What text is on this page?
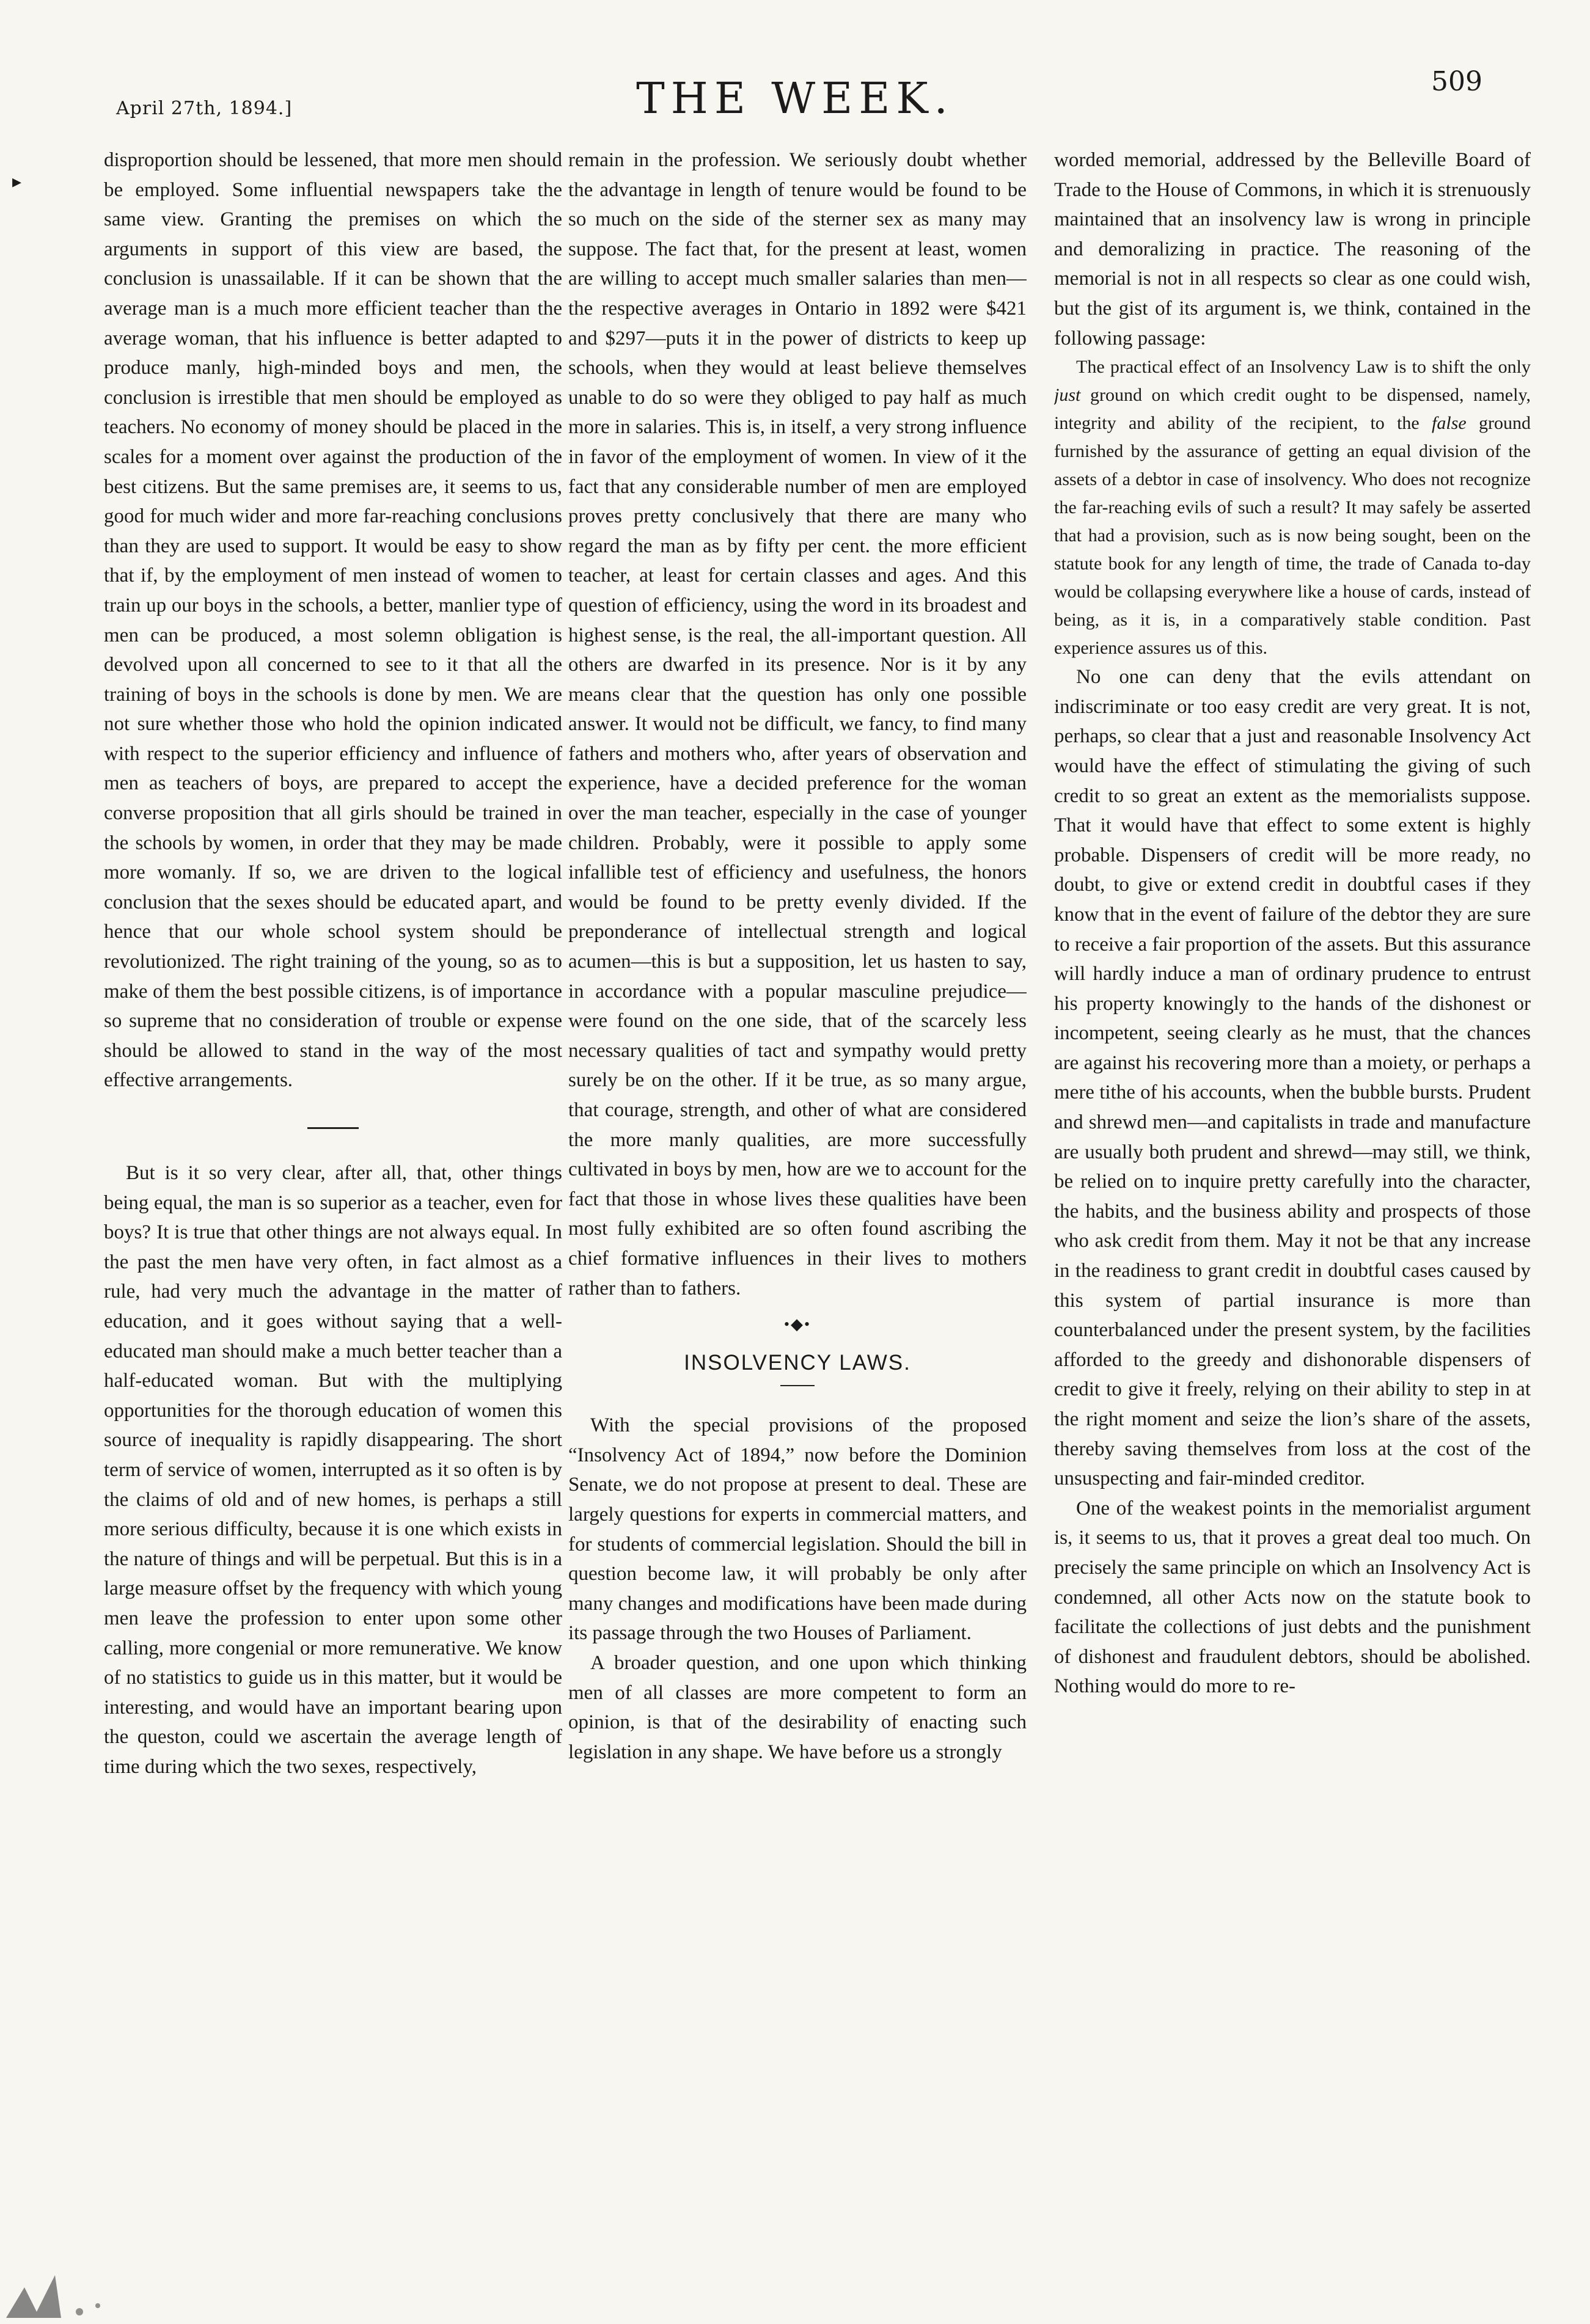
April 27th, 1894.]	THE WEEK.	509
▸

disproportion should be lessened, that more men should be employed. Some influential newspapers take the same view. Granting the premises on which the arguments in support of this view are based, the conclusion is unassailable. If it can be shown that the average man is a much more efficient teacher than the average woman, that his influence is better adapted to produce manly, high-minded boys and men, the conclusion is irrestible that men should be employed as teachers. No economy of money should be placed in the scales for a moment over against the production of the best citizens. But the same premises are, it seems to us, good for much wider and more far-reaching conclusions than they are used to support. It would be easy to show that if, by the employment of men instead of women to train up our boys in the schools, a better, manlier type of men can be produced, a most solemn obligation is devolved upon all concerned to see to it that all the training of boys in the schools is done by men. We are not sure whether those who hold the opinion indicated with respect to the superior efficiency and influence of men as teachers of boys, are prepared to accept the converse proposition that all girls should be trained in the schools by women, in order that they may be made more womanly. If so, we are driven to the logical conclusion that the sexes should be educated apart, and hence that our whole school system should be revolutionized. The right training of the young, so as to make of them the best possible citizens, is of importance so supreme that no consideration of trouble or expense should be allowed to stand in the way of the most effective arrangements.

But is it so very clear, after all, that, other things being equal, the man is so superior as a teacher, even for boys? It is true that other things are not always equal. In the past the men have very often, in fact almost as a rule, had very much the advantage in the matter of education, and it goes without saying that a well-educated man should make a much better teacher than a half-educated woman. But with the multiplying opportunities for the thorough education of women this source of inequality is rapidly disappearing. The short term of service of women, interrupted as it so often is by the claims of old and of new homes, is perhaps a still more serious difficulty, because it is one which exists in the nature of things and will be perpetual. But this is in a large measure offset by the frequency with which young men leave the profession to enter upon some other calling, more congenial or more remunerative. We know of no statistics to guide us in this matter, but it would be interesting, and would have an important bearing upon the queston, could we ascertain the average length of time during which the two sexes, respectively,

remain in the profession. We seriously doubt whether the advantage in length of tenure would be found to be so much on the side of the sterner sex as many may suppose. The fact that, for the present at least, women are willing to accept much smaller salaries than men—the respective averages in Ontario in 1892 were $421 and $297—puts it in the power of districts to keep up schools, when they would at least believe themselves unable to do so were they obliged to pay half as much more in salaries. This is, in itself, a very strong influence in favor of the employment of women. In view of it the fact that any considerable number of men are employed proves pretty conclusively that there are many who regard the man as by fifty per cent. the more efficient teacher, at least for certain classes and ages. And this question of efficiency, using the word in its broadest and highest sense, is the real, the all-important question. All others are dwarfed in its presence. Nor is it by any means clear that the question has only one possible answer. It would not be difficult, we fancy, to find many fathers and mothers who, after years of observation and experience, have a decided preference for the woman over the man teacher, especially in the case of younger children. Probably, were it possible to apply some infallible test of efficiency and usefulness, the honors would be found to be pretty evenly divided. If the preponderance of intellectual strength and logical acumen—this is but a supposition, let us hasten to say, in accordance with a popular masculine prejudice—were found on the one side, that of the scarcely less necessary qualities of tact and sympathy would pretty surely be on the other. If it be true, as so many argue, that courage, strength, and other of what are considered the more manly qualities, are more successfully cultivated in boys by men, how are we to account for the fact that those in whose lives these qualities have been most fully exhibited are so often found ascribing the chief formative influences in their lives to mothers rather than to fathers.

•◆•
INSOLVENCY LAWS.

With the special provisions of the proposed “Insolvency Act of 1894,” now before the Dominion Senate, we do not propose at present to deal. These are largely questions for experts in commercial matters, and for students of commercial legislation. Should the bill in question become law, it will probably be only after many changes and modifications have been made during its passage through the two Houses of Parliament.

A broader question, and one upon which thinking men of all classes are more competent to form an opinion, is that of the desirability of enacting such legislation in any shape. We have before us a strongly

worded memorial, addressed by the Belleville Board of Trade to the House of Commons, in which it is strenuously maintained that an insolvency law is wrong in principle and demoralizing in practice. The reasoning of the memorial is not in all respects so clear as one could wish, but the gist of its argument is, we think, contained in the following passage:

The practical effect of an Insolvency Law is to shift the only just ground on which credit ought to be dispensed, namely, integrity and ability of the recipient, to the false ground furnished by the assurance of getting an equal division of the assets of a debtor in case of insolvency. Who does not recognize the far-reaching evils of such a result? It may safely be asserted that had a provision, such as is now being sought, been on the statute book for any length of time, the trade of Canada to-day would be collapsing everywhere like a house of cards, instead of being, as it is, in a comparatively stable condition. Past experience assures us of this.

No one can deny that the evils attendant on indiscriminate or too easy credit are very great. It is not, perhaps, so clear that a just and reasonable Insolvency Act would have the effect of stimulating the giving of such credit to so great an extent as the memorialists suppose. That it would have that effect to some extent is highly probable. Dispensers of credit will be more ready, no doubt, to give or extend credit in doubtful cases if they know that in the event of failure of the debtor they are sure to receive a fair proportion of the assets. But this assurance will hardly induce a man of ordinary prudence to entrust his property knowingly to the hands of the dishonest or incompetent, seeing clearly as he must, that the chances are against his recovering more than a moiety, or perhaps a mere tithe of his accounts, when the bubble bursts. Prudent and shrewd men—and capitalists in trade and manufacture are usually both prudent and shrewd—may still, we think, be relied on to inquire pretty carefully into the character, the habits, and the business ability and prospects of those who ask credit from them. May it not be that any increase in the readiness to grant credit in doubtful cases caused by this system of partial insurance is more than counterbalanced under the present system, by the facilities afforded to the greedy and dishonorable dispensers of credit to give it freely, relying on their ability to step in at the right moment and seize the lion’s share of the assets, thereby saving themselves from loss at the cost of the unsuspecting and fair-minded creditor.

One of the weakest points in the memorialist argument is, it seems to us, that it proves a great deal too much. On precisely the same principle on which an Insolvency Act is condemned, all other Acts now on the statute book to facilitate the collections of just debts and the punishment of dishonest and fraudulent debtors, should be abolished. Nothing would do more to re-
